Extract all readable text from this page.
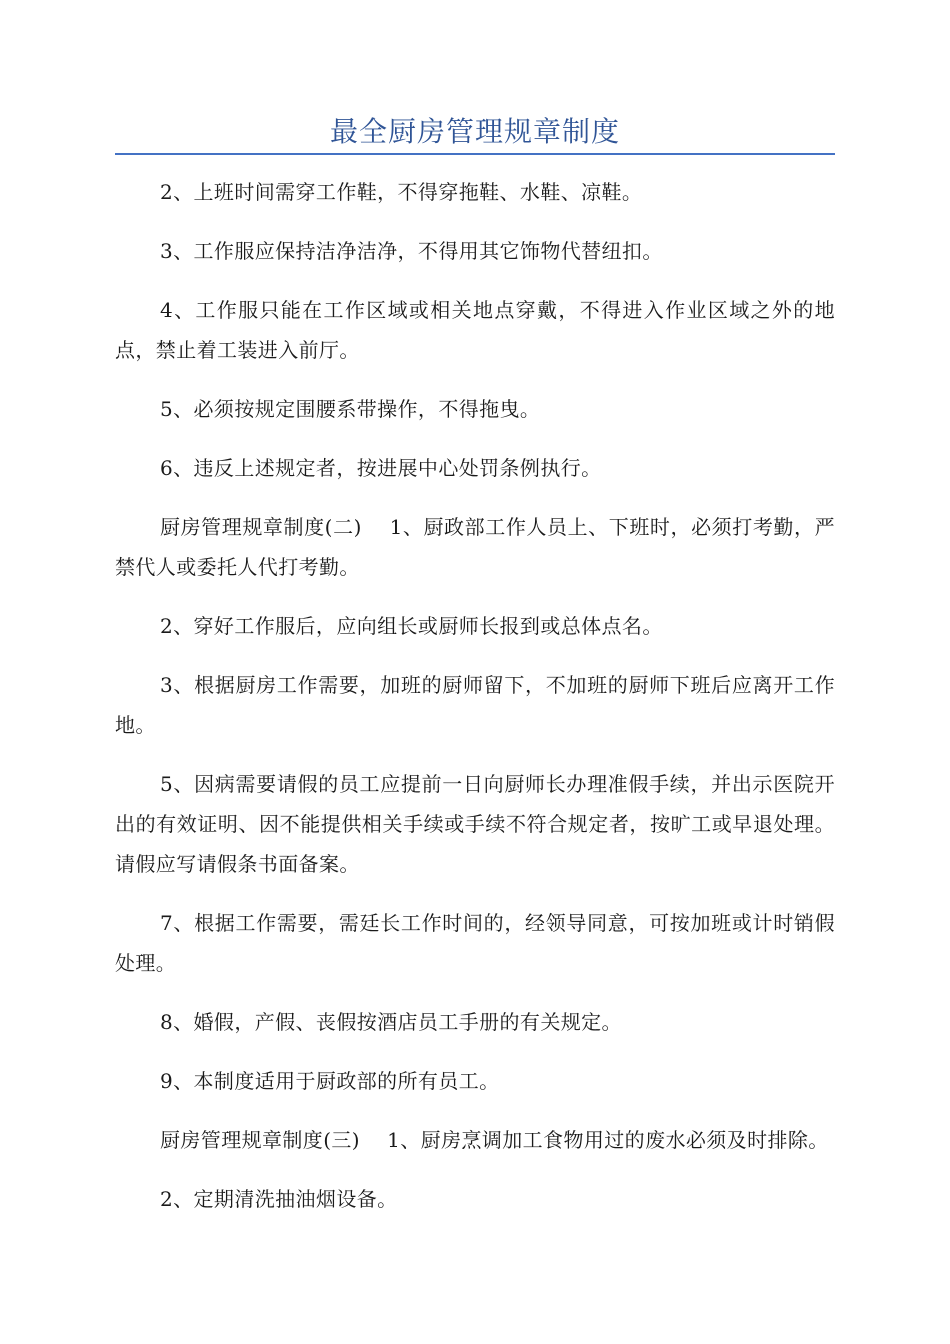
最全厨房管理规章制度

2、上班时间需穿工作鞋，不得穿拖鞋、水鞋、凉鞋。

3、工作服应保持洁净洁净，不得用其它饰物代替纽扣。

4、工作服只能在工作区域或相关地点穿戴，不得进入作业区域之外的地点，禁止着工装进入前厅。

5、必须按规定围腰系带操作，不得拖曳。

6、违反上述规定者，按进展中心处罚条例执行。

厨房管理规章制度(二)　 1、厨政部工作人员上、下班时，必须打考勤，严禁代人或委托人代打考勤。

2、穿好工作服后，应向组长或厨师长报到或总体点名。

3、根据厨房工作需要，加班的厨师留下，不加班的厨师下班后应离开工作地。

5、因病需要请假的员工应提前一日向厨师长办理准假手续，并出示医院开出的有效证明、因不能提供相关手续或手续不符合规定者，按旷工或早退处理。请假应写请假条书面备案。

7、根据工作需要，需廷长工作时间的，经领导同意，可按加班或计时销假处理。

8、婚假，产假、丧假按酒店员工手册的有关规定。

9、本制度适用于厨政部的所有员工。

厨房管理规章制度(三)　 1、厨房烹调加工食物用过的废水必须及时排除。

2、定期清洗抽油烟设备。
